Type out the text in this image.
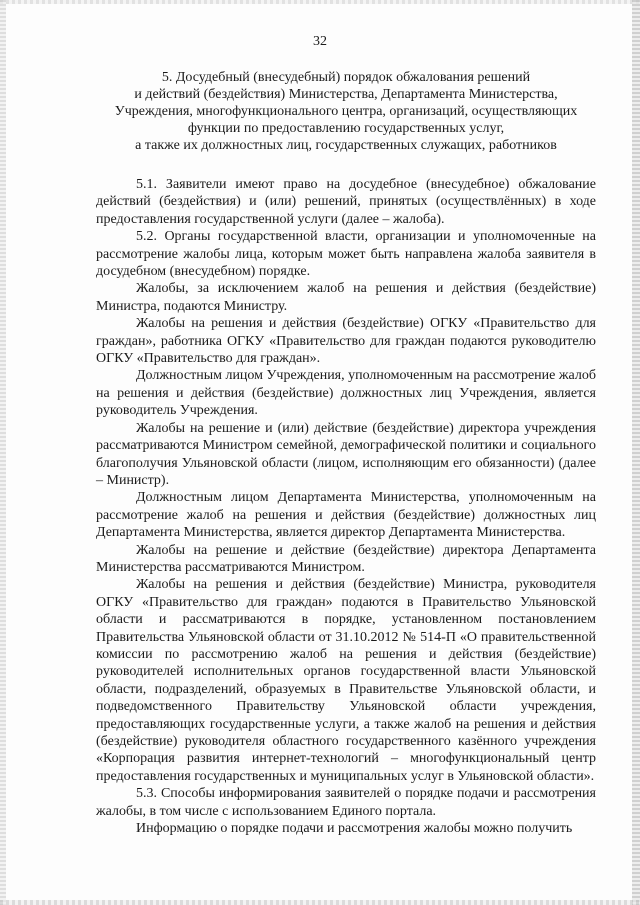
32
5. Досудебный (внесудебный) порядок обжалования решений
и действий (бездействия) Министерства, Департамента Министерства,
Учреждения, многофункционального центра, организаций, осуществляющих
функции по предоставлению государственных услуг,
а также их должностных лиц, государственных служащих, работников

5.1. Заявители имеют право на досудебное (внесудебное) обжалование действий (бездействия) и (или) решений, принятых (осуществлённых) в ходе предоставления государственной услуги (далее – жалоба).

5.2. Органы государственной власти, организации и уполномоченные на рассмотрение жалобы лица, которым может быть направлена жалоба заявителя в досудебном (внесудебном) порядке.

Жалобы, за исключением жалоб на решения и действия (бездействие) Министра, подаются Министру.

Жалобы на решения и действия (бездействие) ОГКУ «Правительство для граждан», работника ОГКУ «Правительство для граждан подаются руководителю ОГКУ «Правительство для граждан».

Должностным лицом Учреждения, уполномоченным на рассмотрение жалоб на решения и действия (бездействие) должностных лиц Учреждения, является руководитель Учреждения.

Жалобы на решение и (или) действие (бездействие) директора учреждения рассматриваются Министром семейной, демографической политики и социального благополучия Ульяновской области (лицом, исполняющим его обязанности) (далее – Министр).

Должностным лицом Департамента Министерства, уполномоченным на рассмотрение жалоб на решения и действия (бездействие) должностных лиц Департамента Министерства, является директор Департамента Министерства.

Жалобы на решение и действие (бездействие) директора Департамента Министерства рассматриваются Министром.

Жалобы на решения и действия (бездействие) Министра, руководителя ОГКУ «Правительство для граждан» подаются в Правительство Ульяновской области и рассматриваются в порядке, установленном постановлением Правительства Ульяновской области от 31.10.2012 № 514-П «О правительственной комиссии по рассмотрению жалоб на решения и действия (бездействие) руководителей исполнительных органов государственной власти Ульяновской области, подразделений, образуемых в Правительстве Ульяновской области, и подведомственного Правительству Ульяновской области учреждения, предоставляющих государственные услуги, а также жалоб на решения и действия (бездействие) руководителя областного государственного казённого учреждения «Корпорация развития интернет-технологий – многофункциональный центр предоставления государственных и муниципальных услуг в Ульяновской области».

5.3. Способы информирования заявителей о порядке подачи и рассмотрения жалобы, в том числе с использованием Единого портала.

Информацию о порядке подачи и рассмотрения жалобы можно получить
